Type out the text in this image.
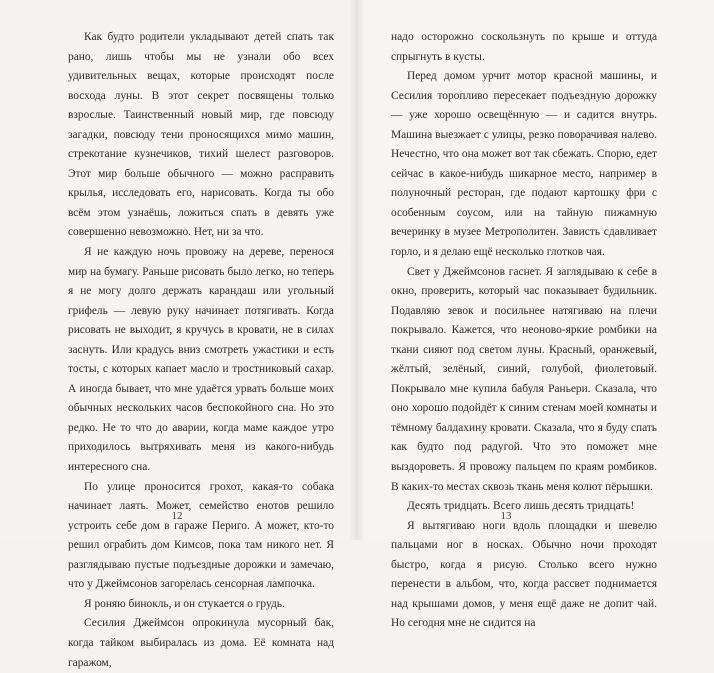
Как будто родители укладывают детей спать так рано, лишь чтобы мы не узнали обо всех удивительных вещах, которые происходят после восхода луны. В этот секрет посвящены только взрослые. Таинственный новый мир, где повсюду загадки, повсюду тени проносящихся мимо машин, стрекотание кузнечиков, тихий шелест разговоров. Этот мир больше обычного — можно расправить крылья, исследовать его, нарисовать. Когда ты обо всём этом узнаёшь, ложиться спать в девять уже совершенно невозможно. Нет, ни за что.

Я не каждую ночь провожу на дереве, перенося мир на бумагу. Раньше рисовать было легко, но теперь я не могу долго держать карандаш или угольный грифель — левую руку начинает потягивать. Когда рисовать не выходит, я кручусь в кровати, не в силах заснуть. Или крадусь вниз смотреть ужастики и есть тосты, с которых капает масло и тростниковый сахар. А иногда бывает, что мне удаётся урвать больше моих обычных нескольких часов беспокойного сна. Но это редко. Не то что до аварии, когда маме каждое утро приходилось вытряхивать меня из какого-нибудь интересного сна.

По улице проносится грохот, какая-то собака начинает лаять. Может, семейство енотов решило устроить себе дом в гараже Периго. А может, кто-то решил ограбить дом Кимсов, пока там никого нет. Я разглядываю пустые подъездные дорожки и замечаю, что у Джеймсонов загорелась сенсорная лампочка.

Я роняю бинокль, и он стукается о грудь.

Сесилия Джеймсон опрокинула мусорный бак, когда тайком выбиралась из дома. Её комната над гаражом,

12

надо осторожно соскользнуть по крыше и оттуда спрыгнуть в кусты.

Перед домом урчит мотор красной машины, и Сесилия торопливо пересекает подъездную дорожку — уже хорошо освещённую — и садится внутрь. Машина выезжает с улицы, резко поворачивая налево. Нечестно, что она может вот так сбежать. Спорю, едет сейчас в какое-нибудь шикарное место, например в полуночный ресторан, где подают картошку фри с особенным соусом, или на тайную пижамную вечеринку в музее Метрополитен. Зависть сдавливает горло, и я делаю ещё несколько глотков чая.

Свет у Джеймсонов гаснет. Я заглядываю к себе в окно, проверить, который час показывает будильник. Подавляю зевок и посильнее натягиваю на плечи покрывало. Кажется, что неоново-яркие ромбики на ткани сияют под светом луны. Красный, оранжевый, жёлтый, зелёный, синий, голубой, фиолетовый. Покрывало мне купила бабуля Раньери. Сказала, что оно хорошо подойдёт к синим стенам моей комнаты и тёмному балдахину кровати. Сказала, что я буду спать как будто под радугой. Что это поможет мне выздороветь. Я провожу пальцем по краям ромбиков. В каких-то местах сквозь ткань меня колют пёрышки.

Десять тридцать. Всего лишь десять тридцать!

Я вытягиваю ноги вдоль площадки и шевелю пальцами ног в носках. Обычно ночи проходят быстро, когда я рисую. Столько всего нужно перенести в альбом, что, когда рассвет поднимается над крышами домов, у меня ещё даже не допит чай. Но сегодня мне не сидится на

13
